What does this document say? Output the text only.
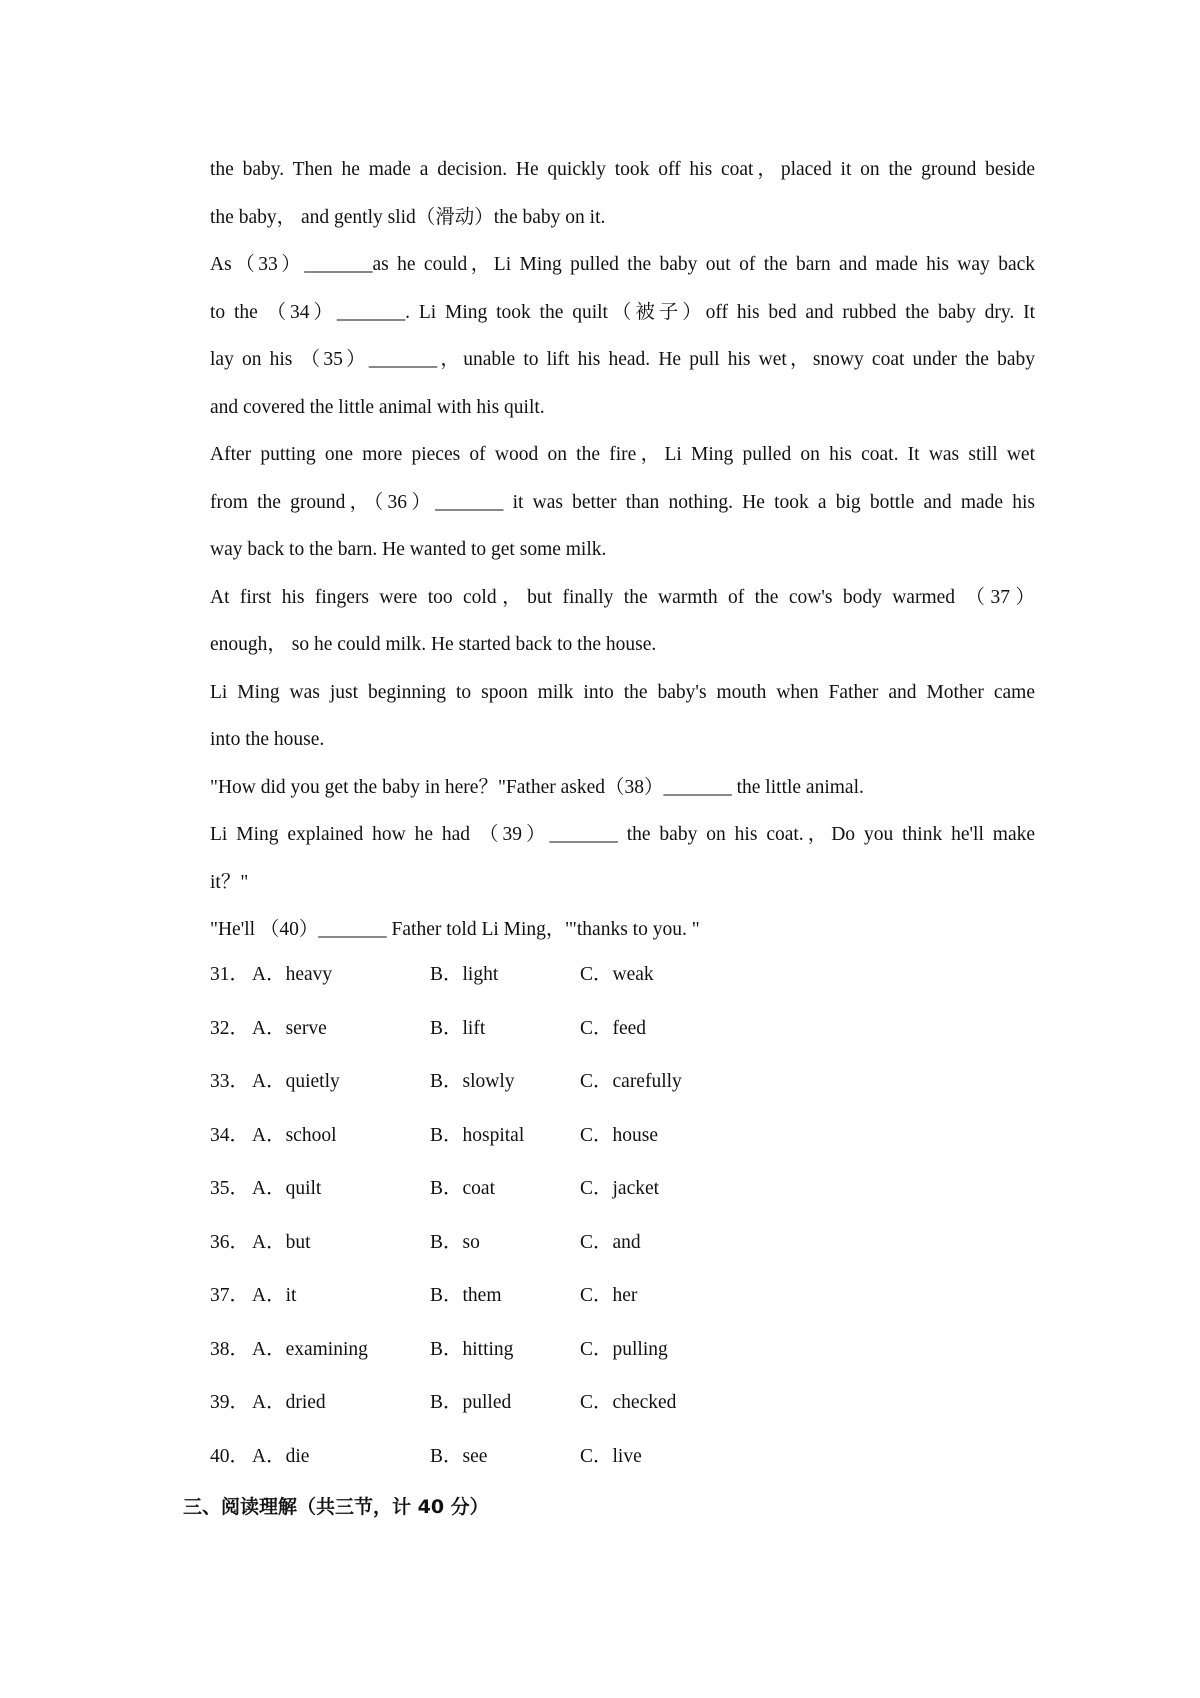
the baby. Then he made a decision. He quickly took off his coat，placed it on the ground beside
the baby， and gently slid（滑动）the baby on it.
As（33）_______as he could，Li Ming pulled the baby out of the barn and made his way back
to the （34）_______. Li Ming took the quilt（被子）off his bed and rubbed the baby dry. It
lay on his （35）_______，unable to lift his head. He pull his wet，snowy coat under the baby
and covered the little animal with his quilt.
After putting one more pieces of wood on the fire，Li Ming pulled on his coat. It was still wet
from the ground，（36）_______ it was better than nothing. He took a big bottle and made his
way back to the barn. He wanted to get some milk.
At first his fingers were too cold，but finally the warmth of the cow's body warmed （37）
enough， so he could milk. He started back to the house.
Li Ming was just beginning to spoon milk into the baby's mouth when Father and Mother came
into the house.
"How did you get the baby in here？"Father asked（38）_______ the little animal.
Li Ming explained how he had （39）_______ the baby on his coat.，Do you think he'll make
it？"
"He'll （40）_______ Father told Li Ming，'"thanks to you. "
31． A．heavy	B．light	C．weak
32． A．serve	B．lift	C．feed
33． A．quietly	B．slowly	C．carefully
34． A．school	B．hospital	C．house
35． A．quilt	B．coat	C．jacket
36． A．but	B．so	C．and
37． A．it	B．them	C．her
38． A．examining	B．hitting	C．pulling
39． A．dried	B．pulled	C．checked
40． A．die	B．see	C．live
三、阅读理解（共三节，计 40 分）
